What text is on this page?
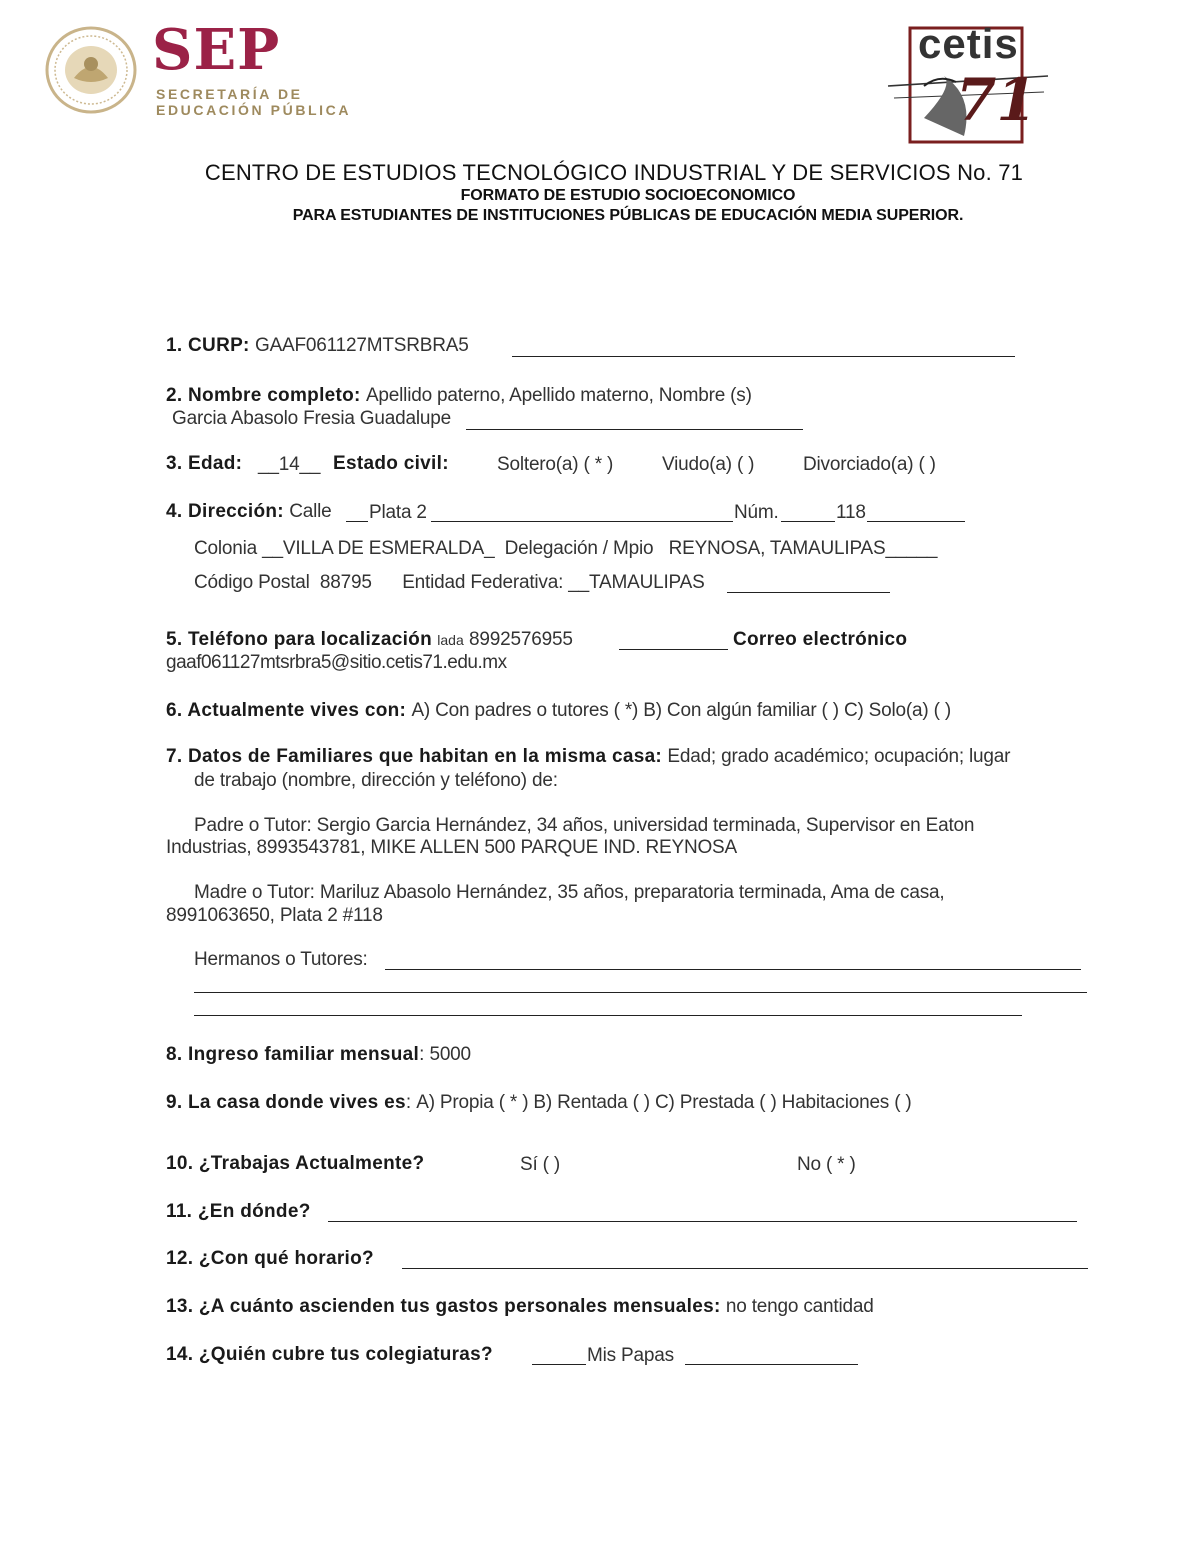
SEP
SECRETARÍA DE
EDUCACIÓN PÚBLICA
cetis
71
CENTRO DE ESTUDIOS TECNOLÓGICO INDUSTRIAL Y DE SERVICIOS No. 71
FORMATO DE ESTUDIO SOCIOECONOMICO
PARA ESTUDIANTES DE INSTITUCIONES PÚBLICAS DE EDUCACIÓN MEDIA SUPERIOR.
1. CURP: GAAF061127MTSRBRA5
2. Nombre completo: Apellido paterno, Apellido materno, Nombre (s)
Garcia Abasolo Fresia Guadalupe
3. Edad: __14__ Estado civil:	Soltero(a) ( * )	Viudo(a) ( )	Divorciado(a) ( )
4. Dirección: Calle Plata 2	Núm.	118
Colonia __VILLA DE ESMERALDA_  Delegación / Mpio REYNOSA, TAMAULIPAS_____
Código Postal 88795 Entidad Federativa: __TAMAULIPAS
5. Teléfono para localización lada 8992576955	Correo electrónico
gaaf061127mtsrbra5@sitio.cetis71.edu.mx
6. Actualmente vives con: A) Con padres o tutores ( *) B) Con algún familiar ( ) C) Solo(a) ( )
7. Datos de Familiares que habitan en la misma casa: Edad; grado académico; ocupación; lugar
de trabajo (nombre, dirección y teléfono) de:
Padre o Tutor: Sergio Garcia Hernández, 34 años, universidad terminada, Supervisor en Eaton
Industrias, 8993543781, MIKE ALLEN 500 PARQUE IND. REYNOSA
Madre o Tutor: Mariluz Abasolo Hernández, 35 años, preparatoria terminada, Ama de casa,
8991063650, Plata 2 #118
Hermanos o Tutores:
8. Ingreso familiar mensual: 5000
9. La casa donde vives es: A) Propia ( * ) B) Rentada ( ) C) Prestada ( ) Habitaciones ( )
10. ¿Trabajas Actualmente?	Sí ( )	No ( * )
11. ¿En dónde?
12. ¿Con qué horario?
13. ¿A cuánto ascienden tus gastos personales mensuales: no tengo cantidad
14. ¿Quién cubre tus colegiaturas?	Mis Papas
